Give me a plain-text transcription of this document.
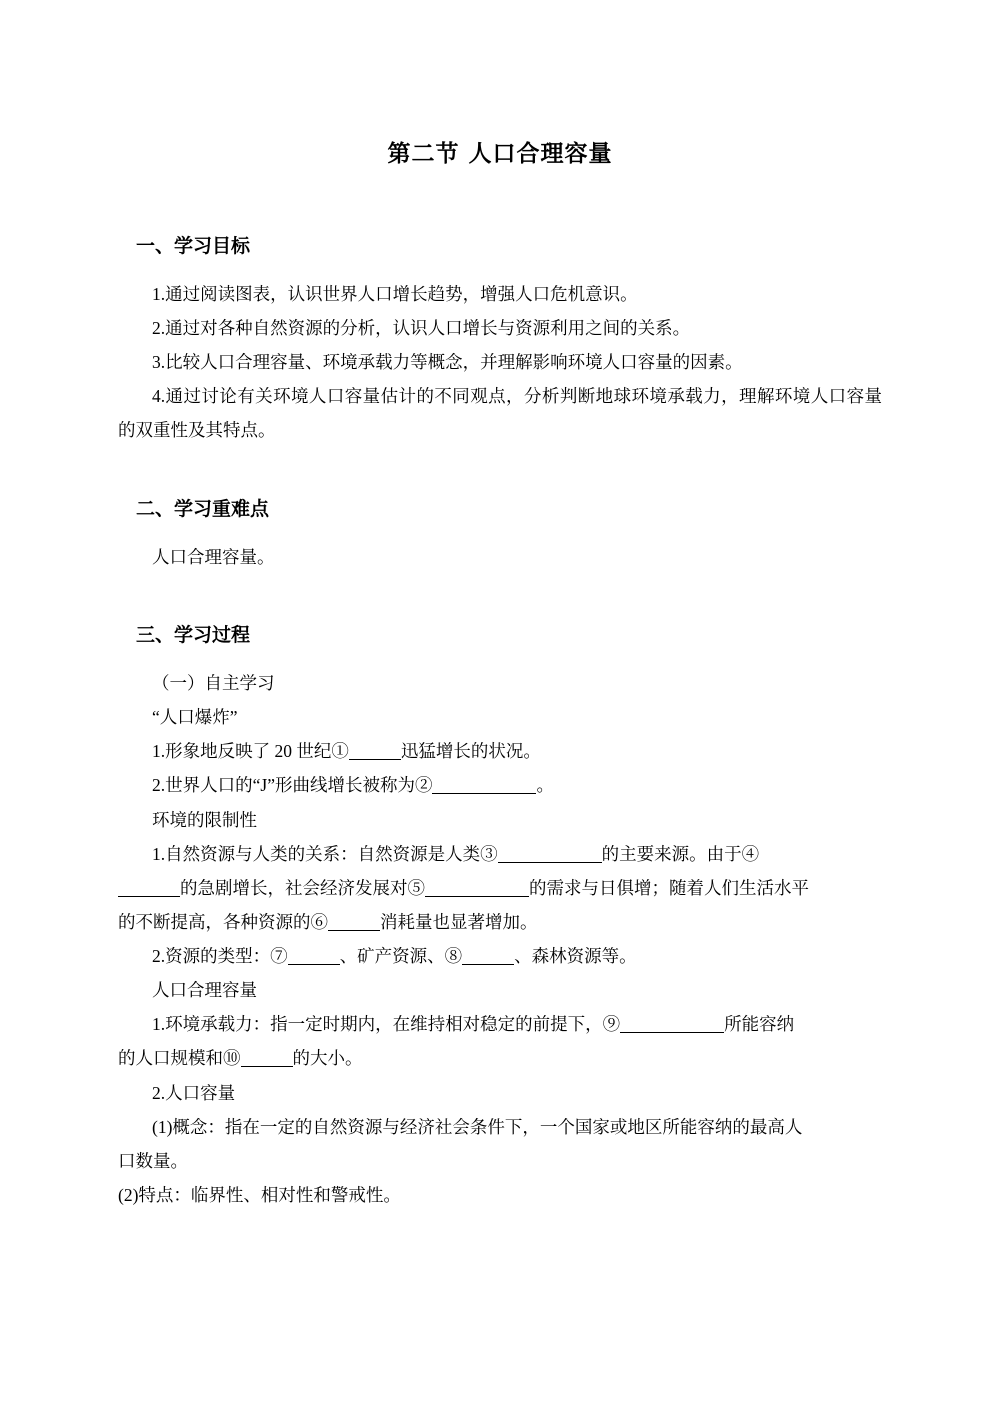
第二节 人口合理容量
一、学习目标

1.通过阅读图表，认识世界人口增长趋势，增强人口危机意识。

2.通过对各种自然资源的分析，认识人口增长与资源利用之间的关系。

3.比较人口合理容量、环境承载力等概念，并理解影响环境人口容量的因素。

4.通过讨论有关环境人口容量估计的不同观点，分析判断地球环境承载力，理解环境人口容量的双重性及其特点。

二、学习重难点

人口合理容量。

三、学习过程

（一）自主学习

“人口爆炸”

1.形象地反映了 20 世纪①	迅猛增长的状况。

2.世界人口的“J”形曲线增长被称为②	。

环境的限制性

1.自然资源与人类的关系：自然资源是人类③	的主要来源。由于④

的急剧增长，社会经济发展对⑤	的需求与日俱增；随着人们生活水平

的不断提高，各种资源的⑥	消耗量也显著增加。

2.资源的类型：⑦	、矿产资源、⑧	、森林资源等。

人口合理容量

1.环境承载力：指一定时期内，在维持相对稳定的前提下，⑨	所能容纳

的人口规模和⑩	的大小。

2.人口容量

(1)概念：指在一定的自然资源与经济社会条件下，一个国家或地区所能容纳的最高人

口数量。

(2)特点：临界性、相对性和警戒性。
